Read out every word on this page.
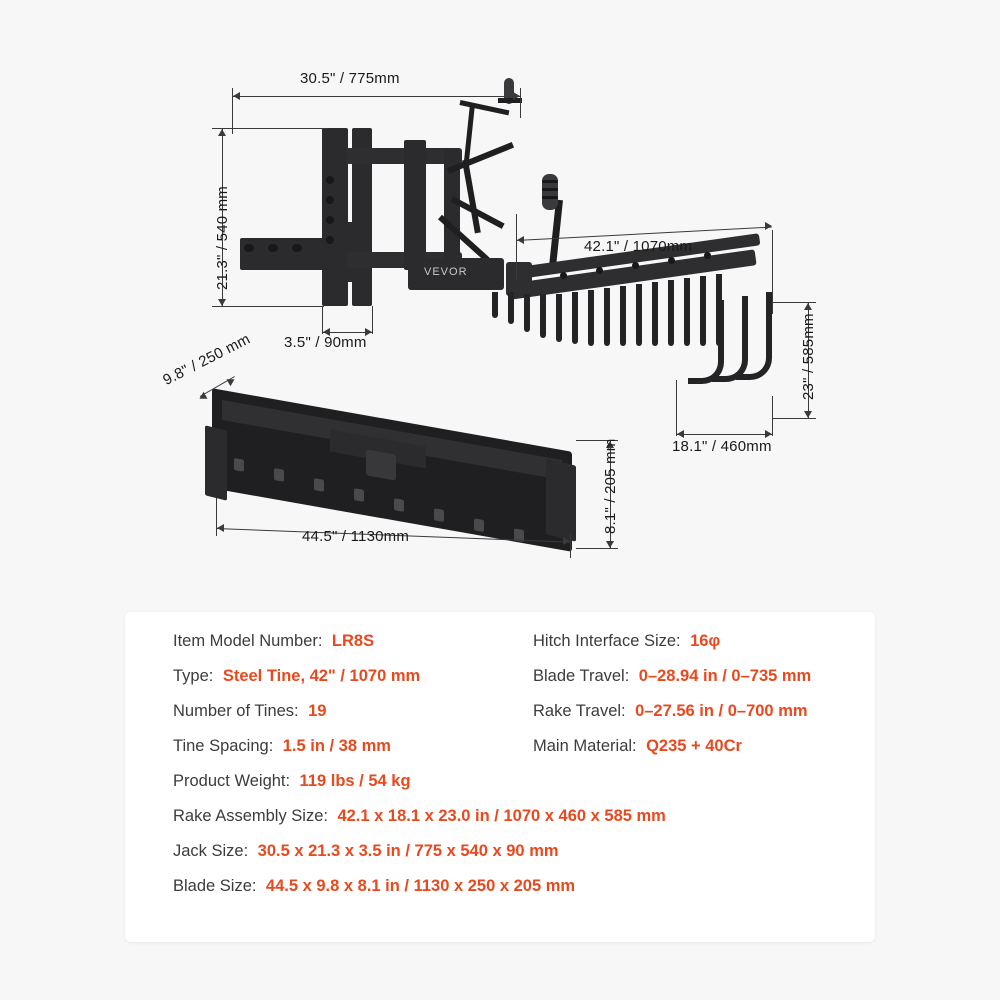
VEVOR
30.5" / 775mm
21.3" / 540 mm
3.5" / 90mm
42.1" / 1070mm
23" / 585mm
18.1" / 460mm
9.8" / 250 mm
8.1" / 205 mm
44.5" / 1130mm
Item Model Number: LR8S	Hitch Interface Size: 16φ
Type: Steel Tine, 42" / 1070 mm	Blade Travel: 0–28.94 in / 0–735 mm
Number of Tines: 19	Rake Travel: 0–27.56 in / 0–700 mm
Tine Spacing: 1.5 in / 38 mm	Main Material: Q235 + 40Cr
Product Weight: 119 lbs / 54 kg
Rake Assembly Size: 42.1 x 18.1 x 23.0 in / 1070 x 460 x 585 mm
Jack Size: 30.5 x 21.3 x 3.5 in / 775 x 540 x 90 mm
Blade Size: 44.5 x 9.8 x 8.1 in / 1130 x 250 x 205 mm
